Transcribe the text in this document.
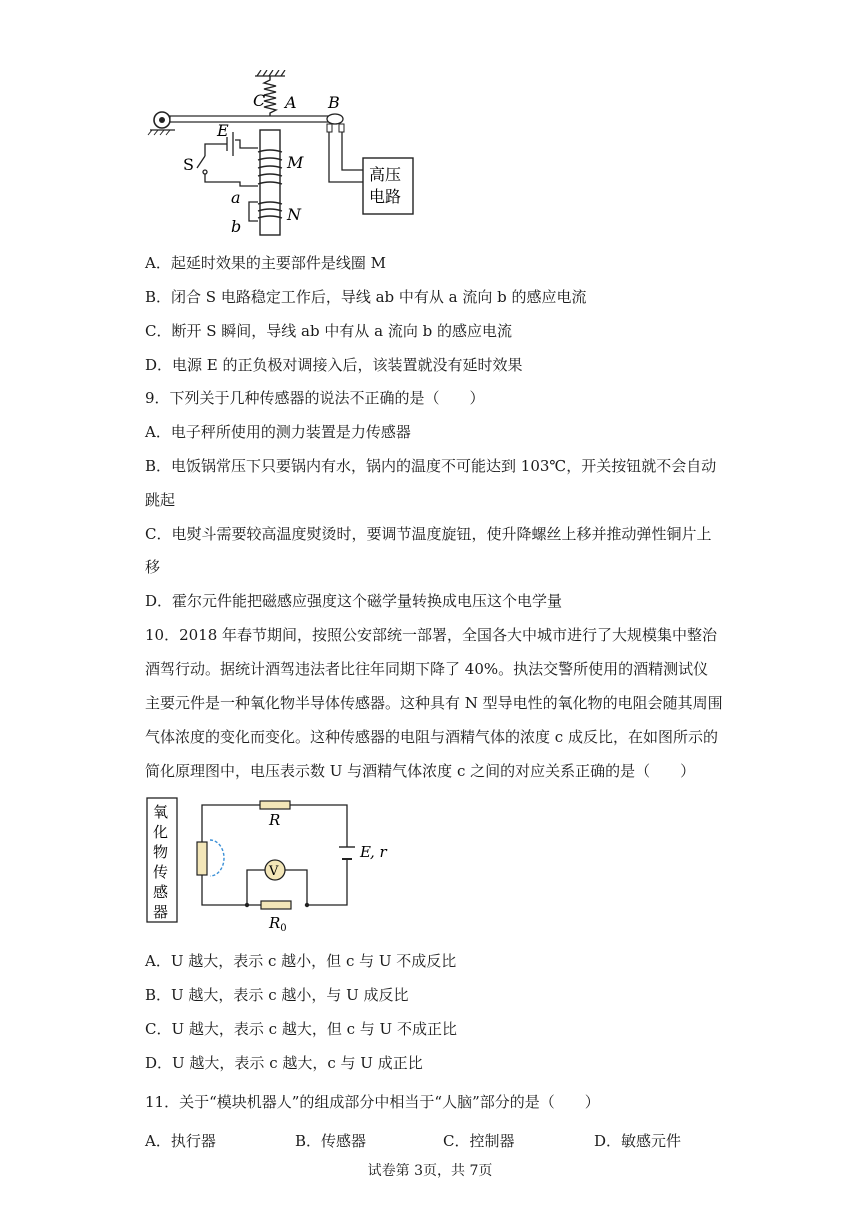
C A B
高压
电路
M
N
a
b
E
S
A．起延时效果的主要部件是线圈 M
B．闭合 S 电路稳定工作后，导线 ab 中有从 a 流向 b 的感应电流
C．断开 S 瞬间，导线 ab 中有从 a 流向 b 的感应电流
D．电源 E 的正负极对调接入后，该装置就没有延时效果
9．下列关于几种传感器的说法不正确的是（　　）
A．电子秤所使用的测力装置是力传感器
B．电饭锅常压下只要锅内有水，锅内的温度不可能达到 103℃，开关按钮就不会自动
跳起
C．电熨斗需要较高温度熨烫时，要调节温度旋钮，使升降螺丝上移并推动弹性铜片上
移
D．霍尔元件能把磁感应强度这个磁学量转换成电压这个电学量
10．2018 年春节期间，按照公安部统一部署，全国各大中城市进行了大规模集中整治
酒驾行动。据统计酒驾违法者比往年同期下降了 40%。执法交警所使用的酒精测试仪
主要元件是一种氧化物半导体传感器。这种具有 N 型导电性的氧化物的电阻会随其周围
气体浓度的变化而变化。这种传感器的电阻与酒精气体的浓度 c 成反比，在如图所示的
简化原理图中，电压表示数 U 与酒精气体浓度 c 之间的对应关系正确的是（　　）
氧
化
物
传
感
器
R
E , r
V
$R_0$
A．U 越大，表示 c 越小，但 c 与 U 不成反比
B．U 越大，表示 c 越小，与 U 成反比
C．U 越大，表示 c 越大，但 c 与 U 不成正比
D．U 越大，表示 c 越大，c 与 U 成正比
11．关于“模块机器人”的组成部分中相当于“人脑”部分的是（　　）
A．执行器	B．传感器	C．控制器	D．敏感元件
试卷第 3页，共 7页
